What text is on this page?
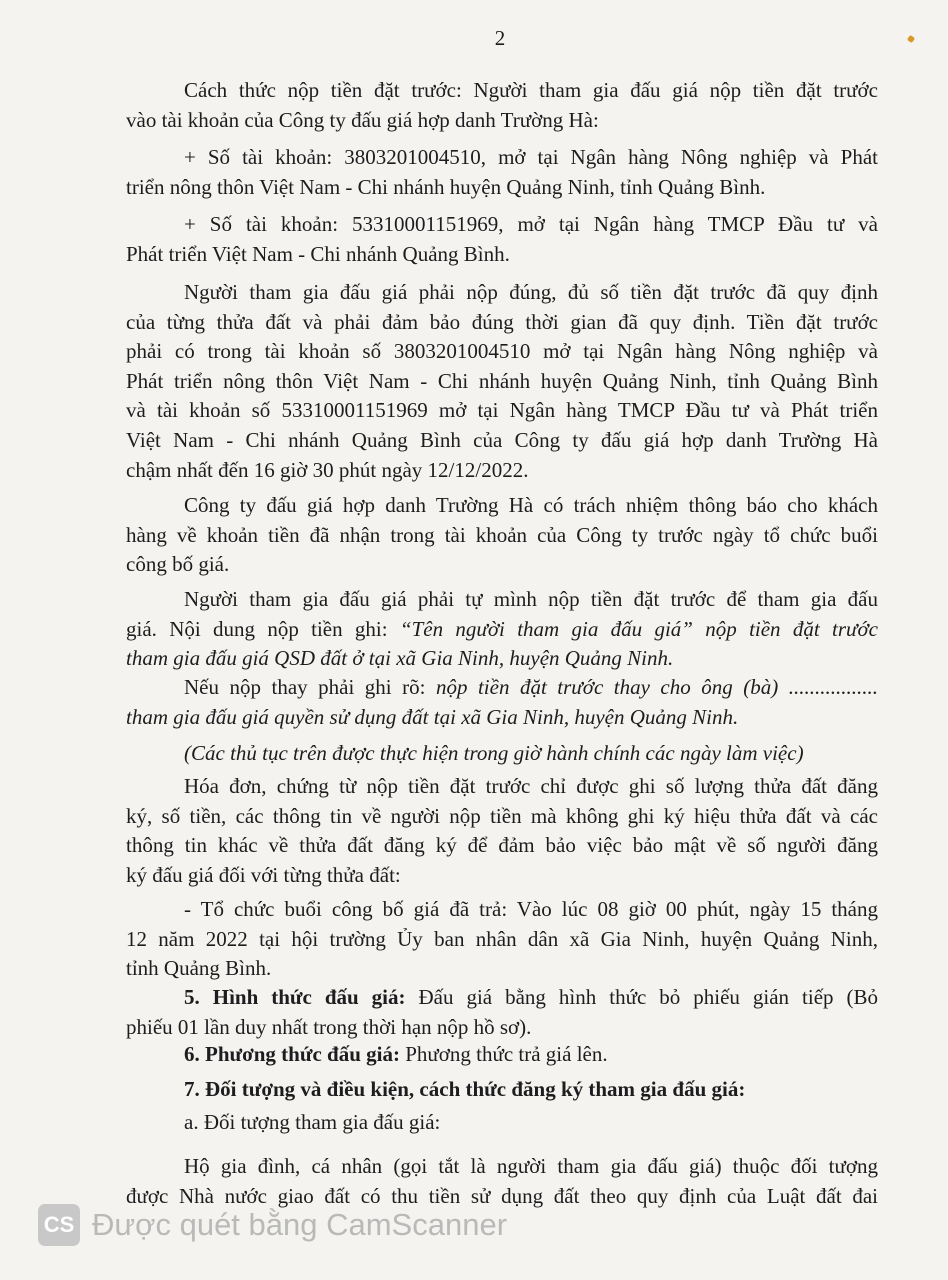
2
Cách thức nộp tiền đặt trước: Người tham gia đấu giá nộp tiền đặt trước
vào tài khoản của Công ty đấu giá hợp danh Trường Hà:
+ Số tài khoản: 3803201004510, mở tại Ngân hàng Nông nghiệp và Phát
triển nông thôn Việt Nam - Chi nhánh huyện Quảng Ninh, tỉnh Quảng Bình.
+ Số tài khoản: 53310001151969, mở tại Ngân hàng TMCP Đầu tư và
Phát triển Việt Nam - Chi nhánh Quảng Bình.
Người tham gia đấu giá phải nộp đúng, đủ số tiền đặt trước đã quy định
của từng thửa đất và phải đảm bảo đúng thời gian đã quy định. Tiền đặt trước
phải có trong tài khoản số 3803201004510 mở tại Ngân hàng Nông nghiệp và
Phát triển nông thôn Việt Nam - Chi nhánh huyện Quảng Ninh, tỉnh Quảng Bình
và tài khoản số 53310001151969 mở tại Ngân hàng TMCP Đầu tư và Phát triển
Việt Nam - Chi nhánh Quảng Bình của Công ty đấu giá hợp danh Trường Hà
chậm nhất đến 16 giờ 30 phút ngày 12/12/2022.
Công ty đấu giá hợp danh Trường Hà có trách nhiệm thông báo cho khách
hàng về khoản tiền đã nhận trong tài khoản của Công ty trước ngày tổ chức buổi
công bố giá.
Người tham gia đấu giá phải tự mình nộp tiền đặt trước để tham gia đấu
giá. Nội dung nộp tiền ghi: “Tên người tham gia đấu giá” nộp tiền đặt trước
tham gia đấu giá QSD đất ở tại xã Gia Ninh, huyện Quảng Ninh.
Nếu nộp thay phải ghi rõ: nộp tiền đặt trước thay cho ông (bà) .................
tham gia đấu giá quyền sử dụng đất tại xã Gia Ninh, huyện Quảng Ninh.
(Các thủ tục trên được thực hiện trong giờ hành chính các ngày làm việc)
Hóa đơn, chứng từ nộp tiền đặt trước chỉ được ghi số lượng thửa đất đăng
ký, số tiền, các thông tin về người nộp tiền mà không ghi ký hiệu thửa đất và các
thông tin khác về thửa đất đăng ký để đảm bảo việc bảo mật về số người đăng
ký đấu giá đối với từng thửa đất:
- Tổ chức buổi công bố giá đã trả: Vào lúc 08 giờ 00 phút, ngày 15 tháng
12 năm 2022 tại hội trường Ủy ban nhân dân xã Gia Ninh, huyện Quảng Ninh,
tỉnh Quảng Bình.
5. Hình thức đấu giá: Đấu giá bằng hình thức bỏ phiếu gián tiếp (Bỏ
phiếu 01 lần duy nhất trong thời hạn nộp hồ sơ).
6. Phương thức đấu giá: Phương thức trả giá lên.
7. Đối tượng và điều kiện, cách thức đăng ký tham gia đấu giá:
a. Đối tượng tham gia đấu giá:
Hộ gia đình, cá nhân (gọi tắt là người tham gia đấu giá) thuộc đối tượng
được Nhà nước giao đất có thu tiền sử dụng đất theo quy định của Luật đất đai
CS Được quét bằng CamScanner
